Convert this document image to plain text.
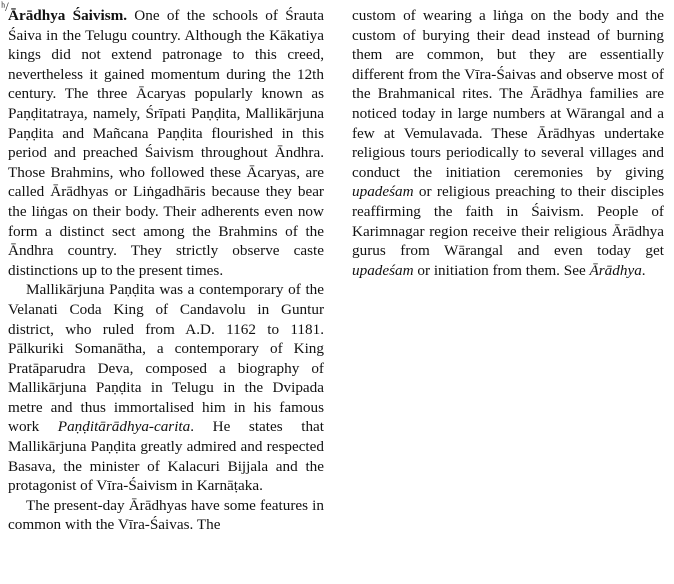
ʰ/

Ārādhya Śaivism. One of the schools of Śrauta Śaiva in the Telugu country. Although the Kākatiya kings did not extend patronage to this creed, nevertheless it gained momentum during the 12th century. The three Ācaryas popularly known as Paṇḍitatraya, namely, Śrīpati Paṇḍita, Mallikārjuna Paṇḍita and Mañcana Paṇḍita flourished in this period and preached Śaivism throughout Āndhra. Those Brahmins, who followed these Ācaryas, are called Ārādhyas or Liṅgadhāris because they bear the liṅgas on their body. Their adherents even now form a distinct sect among the Brahmins of the Āndhra country. They strictly observe caste distinctions up to the present times.

Mallikārjuna Paṇḍita was a contemporary of the Velanati Coda King of Candavolu in Guntur district, who ruled from A.D. 1162 to 1181. Pālkuriki Somanātha, a contemporary of King Pratāparudra Deva, composed a biography of Mallikārjuna Paṇḍita in Telugu in the Dvipada metre and thus immortalised him in his famous work Paṇḍitārādhya-carita. He states that Mallikārjuna Paṇḍita greatly admired and respected Basava, the minister of Kalacuri Bijjala and the protagonist of Vīra-Śaivism in Karnāṭaka.

The present-day Ārādhyas have some features in common with the Vīra-Śaivas. The

custom of wearing a liṅga on the body and the custom of burying their dead instead of burning them are common, but they are essentially different from the Vīra-Śaivas and observe most of the Brahmanical rites. The Ārādhya families are noticed today in large numbers at Wārangal and a few at Vemulavada. These Ārādhyas undertake religious tours periodically to several villages and conduct the initiation ceremonies by giving upadeśam or religious preaching to their disciples reaffirming the faith in Śaivism. People of Karimnagar region receive their religious Ārādhya gurus from Wārangal and even today get upadeśam or initiation from them. See Ārādhya.
